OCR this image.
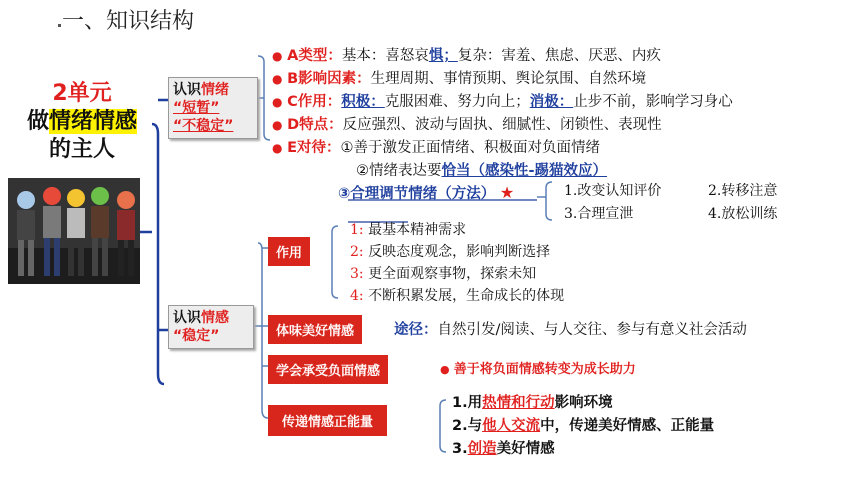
一、知识结构
2单元
做情绪情感
的主人
认识情绪
“短暂”
“不稳定”
认识情感
“稳定”
● A类型：基本：喜怒哀惧；复杂：害羞、焦虑、厌恶、内疚
● B影响因素：生理周期、事情预期、舆论氛围、自然环境
● C作用：积极：克服困难、努力向上；消极：止步不前，影响学习身心
● D特点：反应强烈、波动与固执、细腻性、闭锁性、表现性
● E对待：①善于激发正面情绪、积极面对负面情绪
②情绪表达要恰当（感染性-踢猫效应）
③合理调节情绪（方法） ★	1.改变认知评价	2.转移注意
3.合理宣泄	4.放松训练
作用
1: 最基本精神需求
2: 反映态度观念，影响判断选择
3: 更全面观察事物，探索未知
4: 不断积累发展，生命成长的体现
体味美好情感	途径：自然引发/阅读、与人交往、参与有意义社会活动
学会承受负面情感	● 善于将负面情感转变为成长助力
传递情感正能量
1.用热情和行动影响环境
2.与他人交流中，传递美好情感、正能量
3.创造美好情感
